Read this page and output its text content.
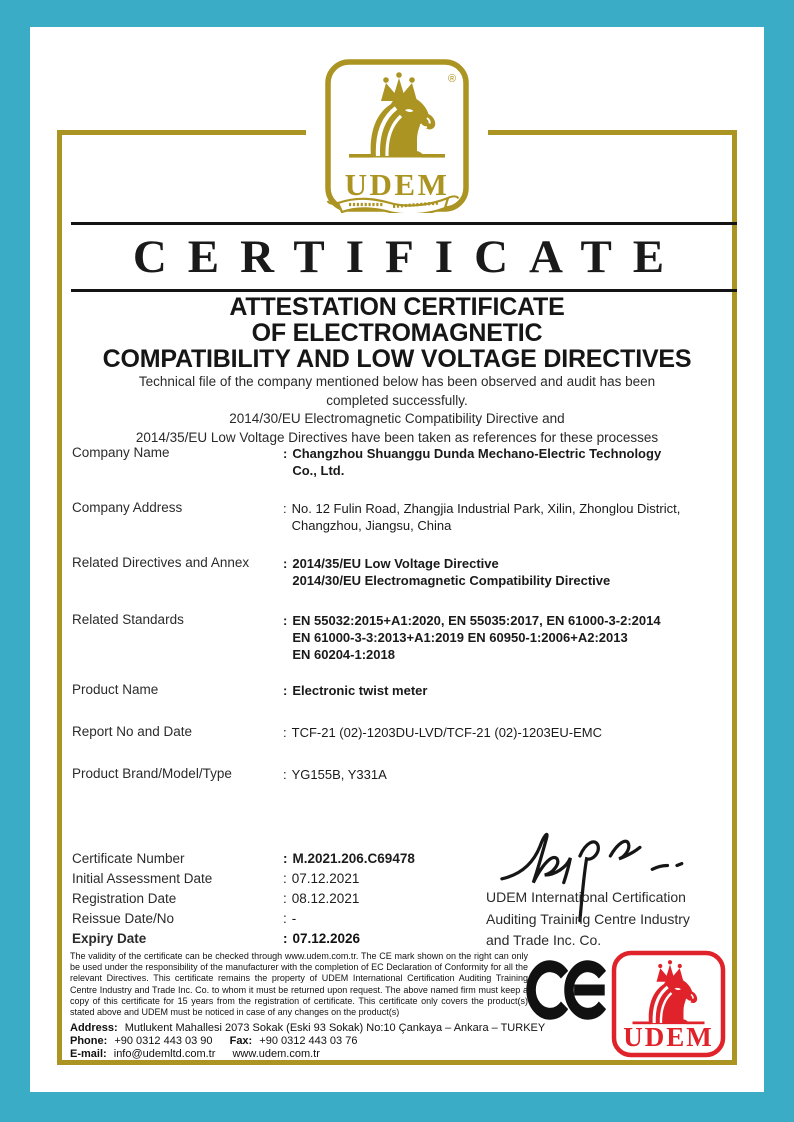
UDEM
®
CERTIFICATE
ATTESTATION CERTIFICATE
OF ELECTROMAGNETIC
COMPATIBILITY AND LOW VOLTAGE DIRECTIVES
Technical file of the company mentioned below has been observed and audit has been
completed successfully.
2014/30/EU Electromagnetic Compatibility Directive and
2014/35/EU Low Voltage Directives have been taken as references for these processes
Company Name	: Changzhou Shuanggu Dunda Mechano-Electric Technology
Co., Ltd.
Company Address	: No. 12 Fulin Road, Zhangjia Industrial Park, Xilin, Zhonglou District,
Changzhou, Jiangsu, China
Related Directives and Annex	: 2014/35/EU Low Voltage Directive
2014/30/EU Electromagnetic Compatibility Directive
Related Standards	: EN 55032:2015+A1:2020, EN 55035:2017, EN 61000-3-2:2014
EN 61000-3-3:2013+A1:2019 EN 60950-1:2006+A2:2013
EN 60204-1:2018
Product Name	: Electronic twist meter
Report No and Date	: TCF-21 (02)-1203DU-LVD/TCF-21 (02)-1203EU-EMC
Product Brand/Model/Type	: YG155B, Y331A
Certificate Number	: M.2021.206.C69478
Initial Assessment Date	: 07.12.2021
Registration Date	: 08.12.2021
Reissue Date/No	: -
Expiry Date	: 07.12.2026
UDEM International Certification
Auditing Training Centre Industry
and Trade Inc. Co.
The validity of the certificate can be checked through www.udem.com.tr. The CE mark shown on the right can only be used under the responsibility of the manufacturer with the completion of EC Declaration of Conformity for all the relevant Directives. This certificate remains the property of UDEM International Certification Auditing Training Centre Industry and Trade Inc. Co. to whom it must be returned upon request. The above named firm must keep a copy of this certificate for 15 years from the registration of certificate. This certificate only covers the product(s) stated above and UDEM must be noticed in case of any changes on the product(s)
UDEM
Address: Mutlukent Mahallesi 2073 Sokak (Eski 93 Sokak) No:10 Çankaya – Ankara – TURKEY
Phone: +90 0312 443 03 90 Fax: +90 0312 443 03 76
E-mail: info@udemltd.com.tr www.udem.com.tr
